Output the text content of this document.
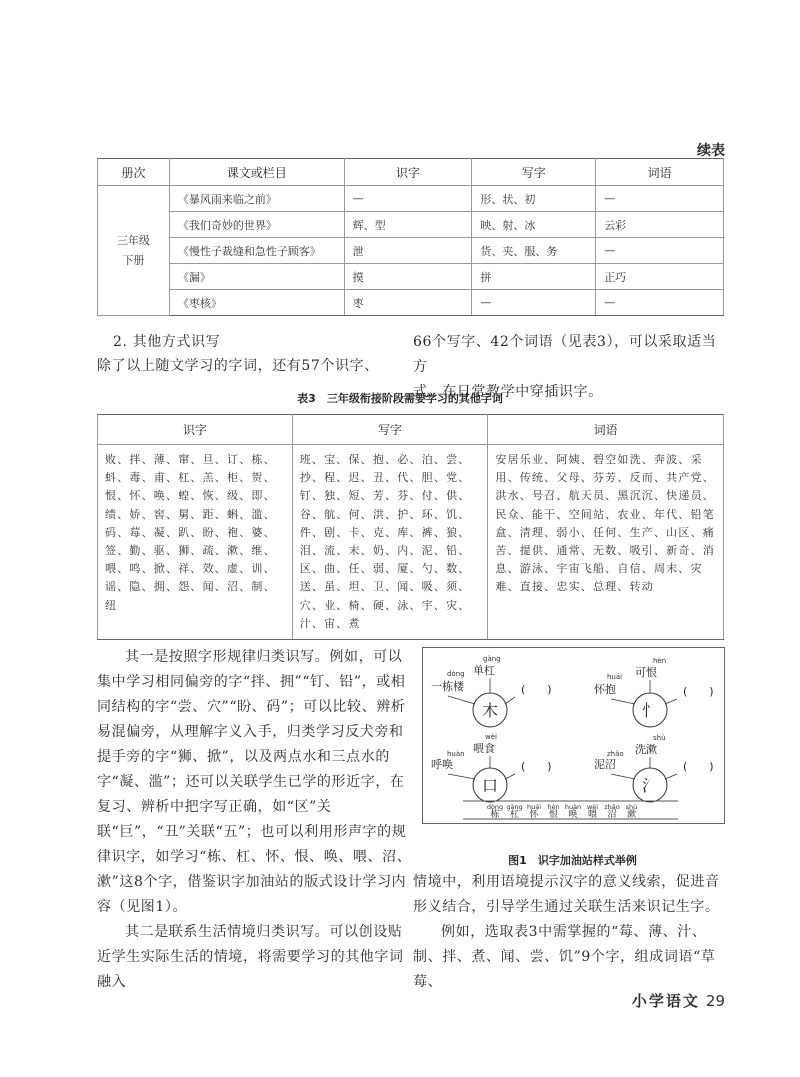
续表
册次	课文或栏目	识字	写字	词语
三年级
下册	《暴风雨来临之前》	—	形、状、初	—
	《我们奇妙的世界》	辉、型	映、射、冰	云彩
	《慢性子裁缝和急性子顾客》	泄	货、夹、服、务	—
	《漏》	摸	拼	正巧
	《枣核》	枣	—	—
2. 其他方式识写
除了以上随文学习的字词，还有57个识字、
66个写字、42个词语（见表3），可以采取适当方
式，在日常教学中穿插识字。
表3　三年级衔接阶段需要学习的其他字词
识字	写字	词语
败、拌、薄、窜、旦、订、栋、蚪、毒、甫、杠、羔、柜、贺、恨、怀、唤、蝗、恢、级、即、绩、娇、窖、舅、距、蝌、滥、码、莓、凝、趴、盼、袍、婆、签、勤、驱、狮、疏、漱、维、喂、鸣、掀、祥、效、虚、训、谣、隐、拥、怨、闻、沼、制、纽	班、宝、保、抱、必、泊、尝、抄、程、迟、丑、代、胆、党、钉、独、短、芳、芬、付、供、谷、航、何、洪、护、环、饥、件、剧、卡、克、库、裤、狼、泪、流、末、奶、内、泥、铅、区、曲、任、弱、厦、勺、数、送、虽、坦、卫、闻、吸、须、穴、业、椅、硬、泳、宇、灾、汁、宙、煮	安居乐业、阿姨、碧空如洗、奔波、采用、传统、父母、芬芳、反而、共产党、洪水、号召、航天员、黑沉沉、快递员、民众、能干、空间站、农业、年代、铅笔盒、清理、弱小、任何、生产、山区、痛苦、提供、通常、无数、吸引、新奇、消息、游泳、宇宙飞船、自信、周末、灾难、直接、忠实、总理、转动

其一是按照字形规律归类识写。例如，可以集中学习相同偏旁的字“拌、拥”“钉、铅”，或相同结构的字“尝、穴”“盼、码”；可以比较、辨析易混偏旁，从理解字义入手，归类学习反犬旁和提手旁的字“狮、掀”，以及两点水和三点水的字“凝、滥”；还可以关联学生已学的形近字，在复习、辨析中把字写正确，如“区”关联“巨”，“丑”关联“五”；也可以利用形声字的规律识字，如学习“栋、杠、怀、恨、唤、喂、沼、漱”这8个字，借鉴识字加油站的版式设计学习内容（见图1）。

其二是联系生活情境归类识写。可以创设贴近学生实际生活的情境，将需要学习的其他字词融入

木
dòng
一栋楼
gàng
单杠
(　　)
忄
huái
怀抱
hèn
可恨
(　　)
口
huàn
呼唤
wèi
喂食
(　　)
氵
zhǎo
泥沼
shù
洗漱
(　　)
dòng
栋
gàng
杠
huái
怀
hèn
恨
huàn
唤
wèi
喂
zhǎo
沼
shù
漱
图1　识字加油站样式举例

情境中，利用语境提示汉字的意义线索，促进音形义结合，引导学生通过关联生活来识记生字。

例如，选取表3中需掌握的“莓、薄、汁、制、拌、煮、闻、尝、饥”9个字，组成词语“草莓、

小学语文 29
